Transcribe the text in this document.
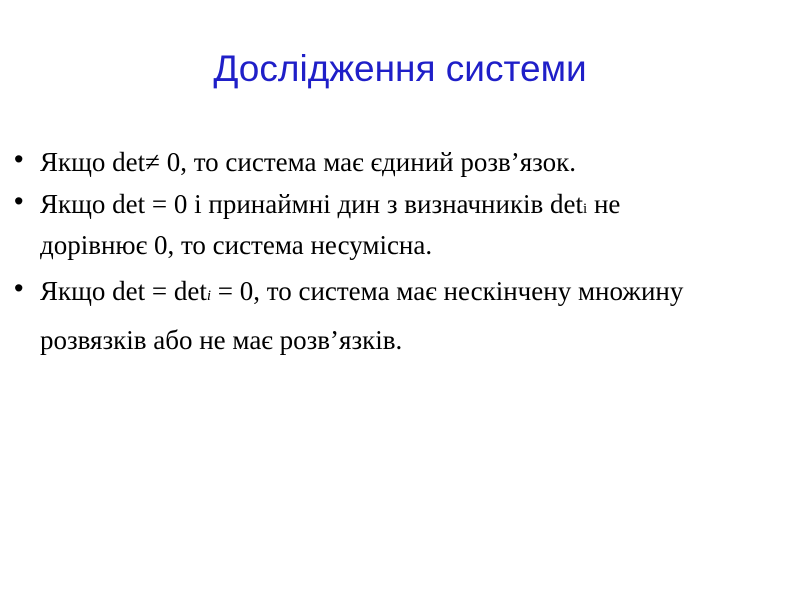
Дослідження системи
• Якщо det≠ 0, то система має єдиний розв’язок.
• Якщо det = 0 і принаймні дин з визначників deti не
дорівнює 0, то система несумісна.
• Якщо det = deti = 0, то система має нескінчену множину
розвязків або не має розв’язків.
